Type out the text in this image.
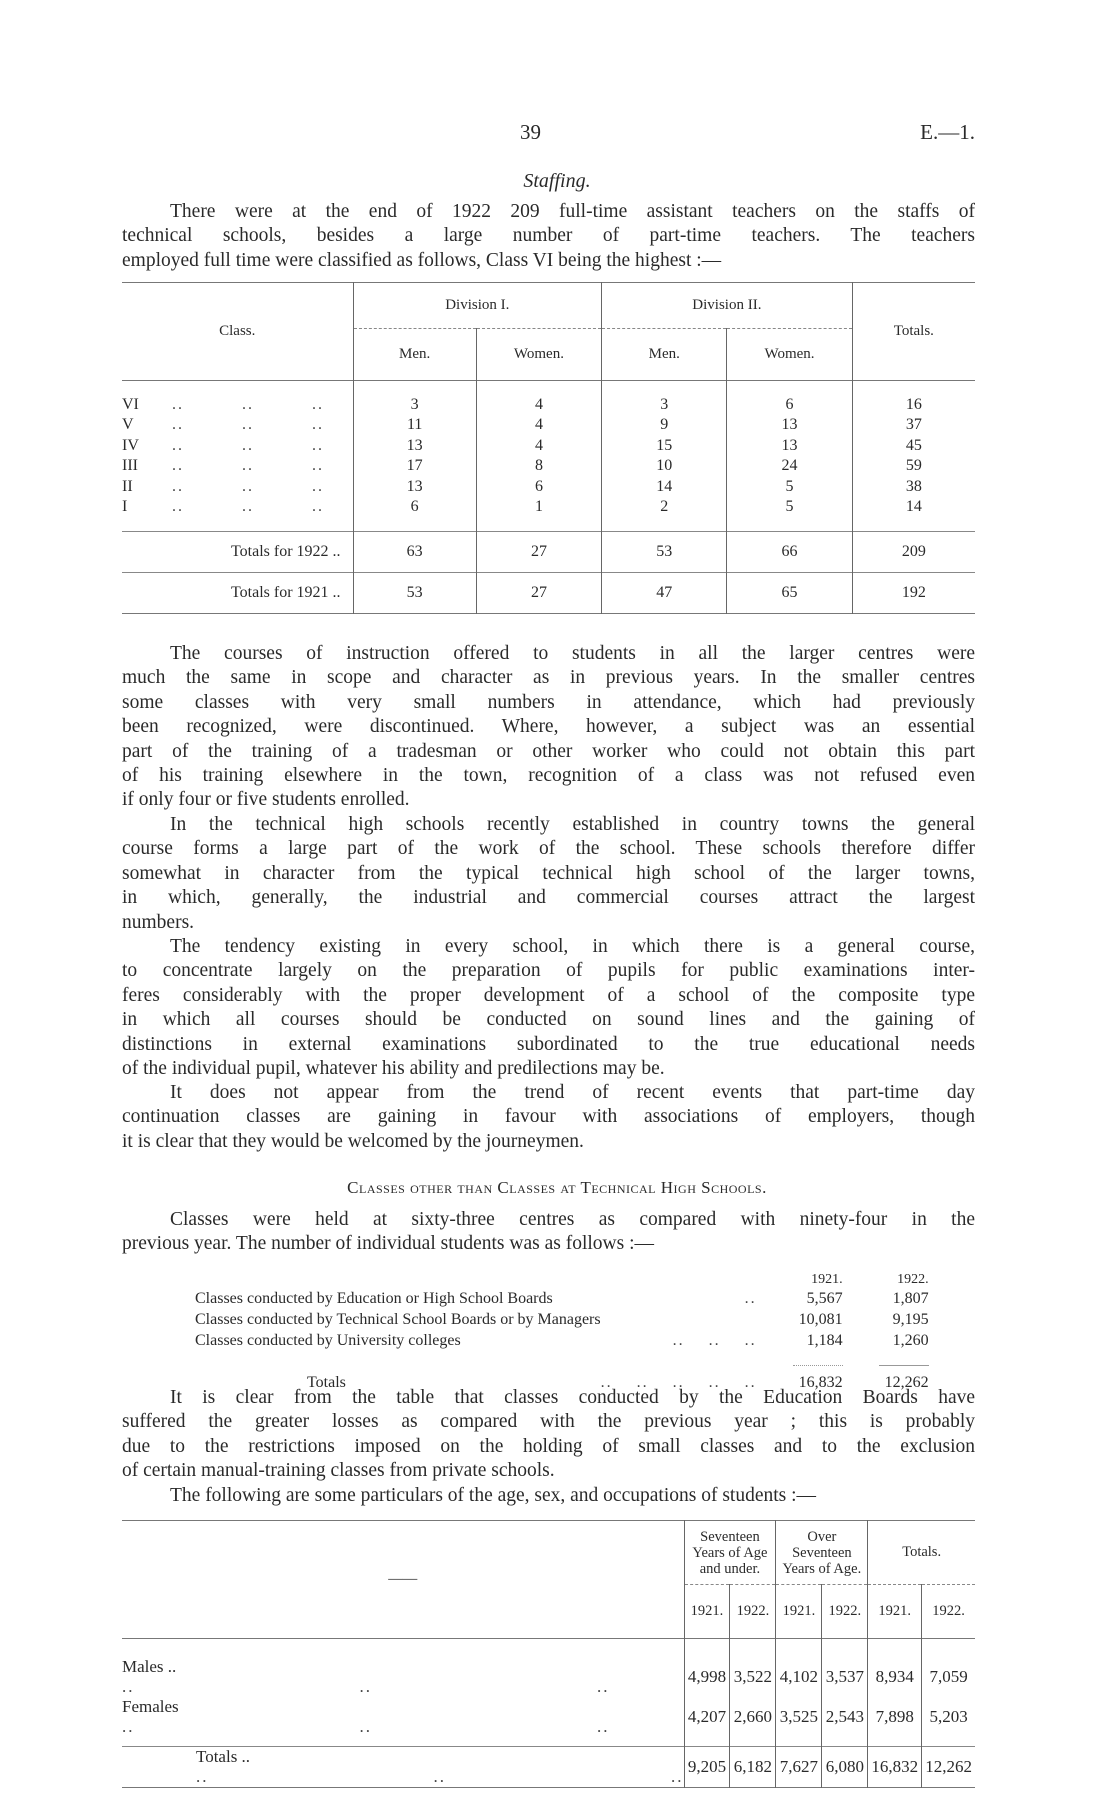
39	E.—1.
Staffing.
There were at the end of 1922 209 full-time assistant teachers on the staffs of
technical schools, besides a large number of part-time teachers. The teachers
employed full time were classified as follows, Class VI being the highest :—
Class.	Division I.		Division II.		Totals.
	Men.	Women.	Men.	Women.	

VI .. .. ..	3	4	3	6	16
V .. .. ..	11	4	9	13	37
IV .. .. ..	13	4	15	13	45
III .. .. ..	17	8	10	24	59
II .. .. ..	13	6	14	5	38
I .. .. ..	6	1	2	5	14

Totals for 1922 ..	63	27	53	66	209
Totals for 1921 ..	53	27	47	65	192
The courses of instruction offered to students in all the larger centres were
much the same in scope and character as in previous years. In the smaller centres
some classes with very small numbers in attendance, which had previously
been recognized, were discontinued. Where, however, a subject was an essential
part of the training of a tradesman or other worker who could not obtain this part
of his training elsewhere in the town, recognition of a class was not refused even
if only four or five students enrolled.
In the technical high schools recently established in country towns the general
course forms a large part of the work of the school. These schools therefore differ
somewhat in character from the typical technical high school of the larger towns,
in which, generally, the industrial and commercial courses attract the largest
numbers.
The tendency existing in every school, in which there is a general course,
to concentrate largely on the preparation of pupils for public examinations inter-
feres considerably with the proper development of a school of the composite type
in which all courses should be conducted on sound lines and the gaining of
distinctions in external examinations subordinated to the true educational needs
of the individual pupil, whatever his ability and predilections may be.
It does not appear from the trend of recent events that part-time day
continuation classes are gaining in favour with associations of employers, though
it is clear that they would be welcomed by the journeymen.
Classes other than Classes at Technical High Schools.
Classes were held at sixty-three centres as compared with ninety-four in the
previous year. The number of individual students was as follows :—
		1921.	1922.
Classes conducted by Education or High School Boards	..	5,567	1,807
Classes conducted by Technical School Boards or by Managers		10,081	9,195
Classes conducted by University colleges	..    ..    ..	1,184	1,260

Totals	..    ..    ..    ..    ..	16,832	12,262
It is clear from the table that classes conducted by the Education Boards have
suffered the greater losses as compared with the previous year ; this is probably
due to the restrictions imposed on the holding of small classes and to the exclusion
of certain manual-training classes from private schools.
The following are some particulars of the age, sex, and occupations of students :—
——	Seventeen Years of Age and under.		Over Seventeen Years of Age.		Totals.	
	1921.	1922.	1921.	1922.	1921.	1922.

Males ....    ..    ..	4,998	3,522	4,102	3,537	8,934	7,059
Females..    ..    ..	4,207	2,660	3,525	2,543	7,898	5,203

Totals ....    ..    ..	9,205	6,182	7,627	6,080	16,832	12,262
